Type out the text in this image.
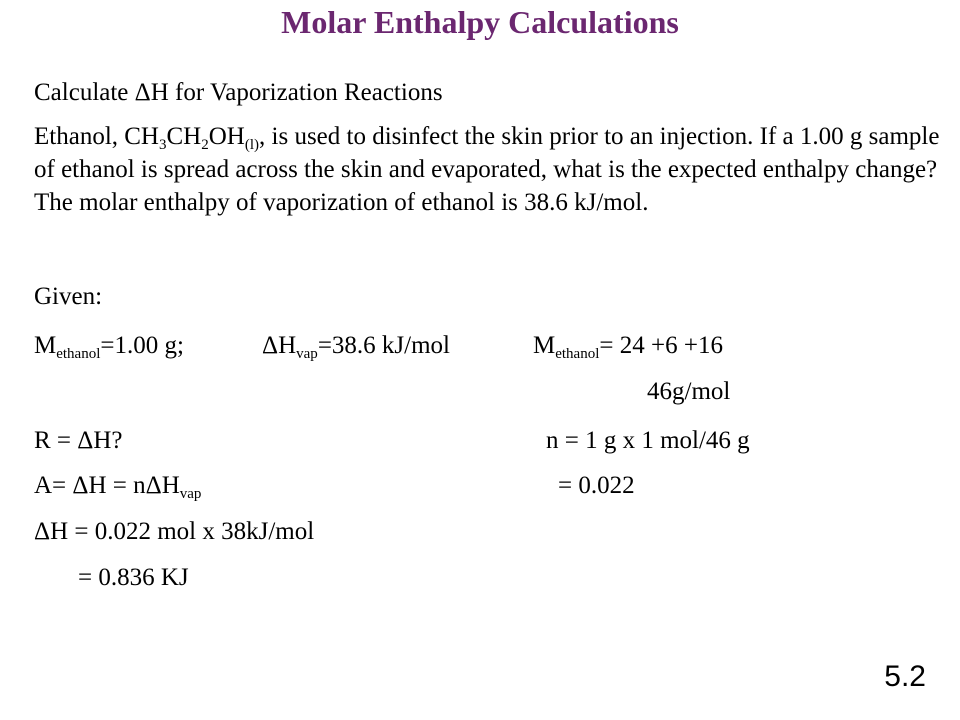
Molar Enthalpy Calculations
Calculate ΔH for Vaporization Reactions
Ethanol, $CH_3CH_2OH_{(l)}$, is used to disinfect the skin prior to an injection. If a 1.00 g sample of ethanol is spread across the skin and evaporated, what is the expected enthalpy change? The molar enthalpy of vaporization of ethanol is 38.6 kJ/mol.
Given:
$M_{ethanol}=1.00$ g;	$\Delta H_{vap}=38.6$ kJ/mol	$M_{ethanol}= 24 +6 +16$
46g/mol
R = ΔH?	n = 1 g x 1 mol/46 g
A= ΔH = nΔH$_{vap}$	= 0.022
ΔH = 0.022 mol x 38kJ/mol
= 0.836 KJ
5.2
